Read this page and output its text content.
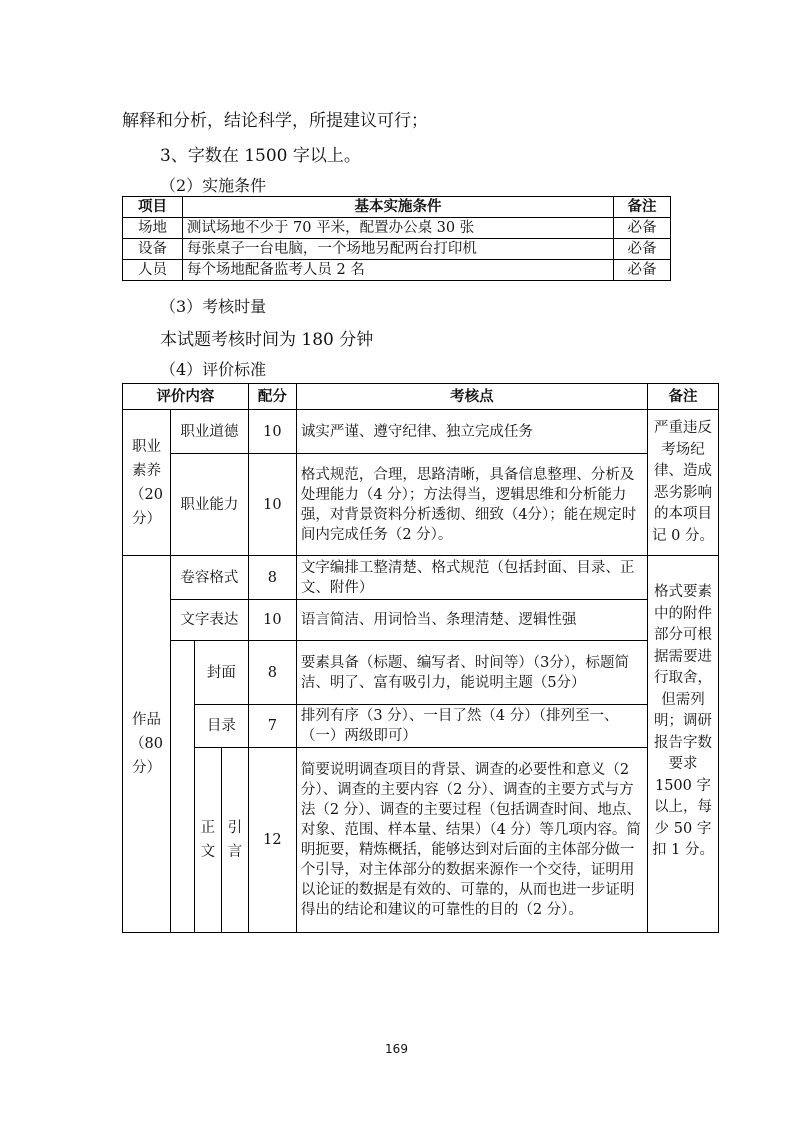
解释和分析，结论科学，所提建议可行；
3、字数在 1500 字以上。
（2）实施条件
项目	基本实施条件	备注
场地	测试场地不少于 70 平米，配置办公桌 30 张	必备
设备	每张桌子一台电脑，一个场地另配两台打印机	必备
人员	每个场地配备监考人员 2 名	必备
（3）考核时量
本试题考核时间为 180 分钟
（4）评价标准
评价内容				配分	考核点	备注
职业素养（20分）	职业道德			10	诚实严谨、遵守纪律、独立完成任务	严重违反考场纪律、造成恶劣影响的本项目记 0 分。
	职业能力			10	格式规范，合理，思路清晰，具备信息整理、分析及处理能力（4 分）；方法得当，逻辑思维和分析能力强，对背景资料分析透彻、细致（4分）；能在规定时间内完成任务（2 分）。	
作品（80分）	卷容格式			8	文字编排工整清楚、格式规范（包括封面、目录、正文、附件）	格式要素中的附件部分可根据需要进行取舍，但需列明；调研报告字数要求 1500 字以上，每少 50 字扣 1 分。
	文字表达			10	语言简洁、用词恰当、条理清楚、逻辑性强	
		封面		8	要素具备（标题、编写者、时间等）（3分），标题简洁、明了、富有吸引力，能说明主题（5分）	
		目录		7	排列有序（3 分）、一目了然（4 分）（排列至一、（一）两级即可）	
		正文	引言	12	简要说明调查项目的背景、调查的必要性和意义（2 分）、调查的主要内容（2 分）、调查的主要方式与方法（2 分）、调查的主要过程（包括调查时间、地点、对象、范围、样本量、结果）（4 分）等几项内容。简明扼要，精炼概括，能够达到对后面的主体部分做一个引导，对主体部分的数据来源作一个交待，证明用以论证的数据是有效的、可靠的，从而也进一步证明得出的结论和建议的可靠性的目的（2 分）。	
169
